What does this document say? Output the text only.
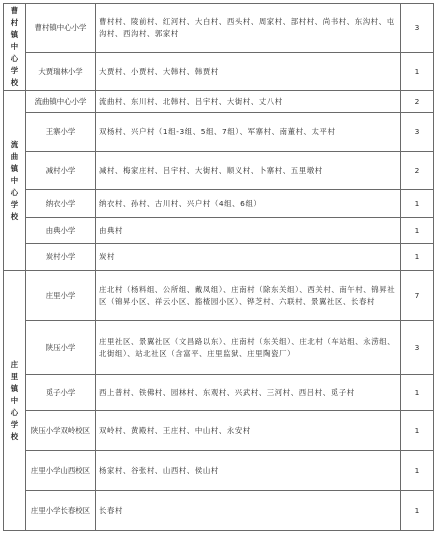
曹村镇中心学校	曹村镇中心小学	曹村村、陵前村、红河村、大白村、西头村、周家村、部村村、尚书村、东沟村、屯沟村、西沟村、郭家村	3
	大贾瑞林小学	大贾村、小贾村、大韩村、韩贾村	1
流曲镇中心学校	流曲镇中心小学	流曲村、东川村、北韩村、吕宇村、大街村、丈八村	2
	王寨小学	双杨村、兴户村（1组-3组、5组、7组）、军寨村、南董村、太平村	3
	减村小学	减村、梅家庄村、吕宇村、大街村、顺义村、卜寨村、五里墩村	2
	纳衣小学	纳衣村、孙村、古川村、兴户村（4组、6组）	1
	由典小学	由典村	1
	炭村小学	炭村	1
庄里镇中心学校	庄里小学	庄北村（杨料组、公所组、戴凤组）、庄南村（除东关组）、西关村、南午村、锦昇社区（锦昇小区、祥云小区、豁楂园小区）、铧芝村、六联村、景翼社区、长春村	7
	陕压小学	庄里社区、景翼社区（文昌路以东）、庄南村（东关组）、庄北村（车站组、永涝组、北街组）、站北社区（含富平、庄里监狱、庄里陶瓷厂）	3
	觅子小学	西上普村、铁佛村、园林村、东观村、兴武村、三河村、西吕村、觅子村	1
	陕压小学双岭校区	双岭村、黄殿村、王庄村、中山村、永安村	1
	庄里小学山西校区	杨家村、谷张村、山西村、侯山村	1
	庄里小学长春校区	长春村	1
